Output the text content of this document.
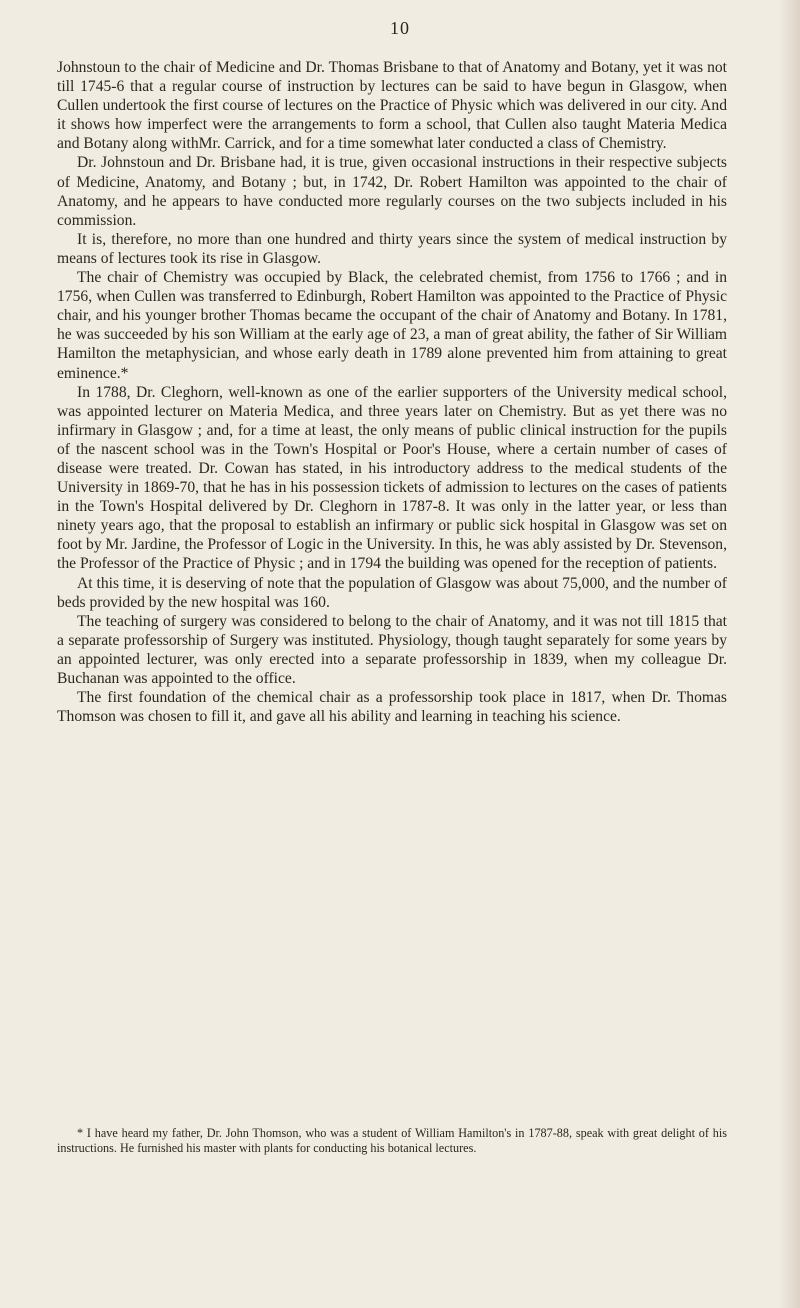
10

Johnstoun to the chair of Medicine and Dr. Thomas Brisbane to that of Anatomy and Botany, yet it was not till 1745-6 that a regular course of instruction by lectures can be said to have begun in Glasgow, when Cullen undertook the first course of lectures on the Practice of Physic which was delivered in our city. And it shows how imperfect were the arrangements to form a school, that Cullen also taught Materia Medica and Botany along withMr. Carrick, and for a time somewhat later conducted a class of Chemistry.

Dr. Johnstoun and Dr. Brisbane had, it is true, given occasional instructions in their respective subjects of Medicine, Anatomy, and Botany ; but, in 1742, Dr. Robert Hamilton was appointed to the chair of Anatomy, and he appears to have conducted more regularly courses on the two subjects included in his commission.

It is, therefore, no more than one hundred and thirty years since the system of medical instruction by means of lectures took its rise in Glasgow.

The chair of Chemistry was occupied by Black, the celebrated chemist, from 1756 to 1766 ; and in 1756, when Cullen was transferred to Edinburgh, Robert Hamilton was appointed to the Practice of Physic chair, and his younger brother Thomas became the occupant of the chair of Anatomy and Botany. In 1781, he was succeeded by his son William at the early age of 23, a man of great ability, the father of Sir William Hamilton the metaphysician, and whose early death in 1789 alone prevented him from attaining to great eminence.*

In 1788, Dr. Cleghorn, well-known as one of the earlier supporters of the University medical school, was appointed lecturer on Materia Medica, and three years later on Chemistry. But as yet there was no infirmary in Glasgow ; and, for a time at least, the only means of public clinical instruction for the pupils of the nascent school was in the Town's Hospital or Poor's House, where a certain number of cases of disease were treated. Dr. Cowan has stated, in his introductory address to the medical students of the University in 1869-70, that he has in his possession tickets of admission to lectures on the cases of patients in the Town's Hospital delivered by Dr. Cleghorn in 1787-8. It was only in the latter year, or less than ninety years ago, that the proposal to establish an infirmary or public sick hospital in Glasgow was set on foot by Mr. Jardine, the Professor of Logic in the University. In this, he was ably assisted by Dr. Stevenson, the Professor of the Practice of Physic ; and in 1794 the building was opened for the reception of patients.

At this time, it is deserving of note that the population of Glasgow was about 75,000, and the number of beds provided by the new hospital was 160.

The teaching of surgery was considered to belong to the chair of Anatomy, and it was not till 1815 that a separate professorship of Surgery was instituted. Physiology, though taught separately for some years by an appointed lecturer, was only erected into a separate professorship in 1839, when my colleague Dr. Buchanan was appointed to the office.

The first foundation of the chemical chair as a professorship took place in 1817, when Dr. Thomas Thomson was chosen to fill it, and gave all his ability and learning in teaching his science.

* I have heard my father, Dr. John Thomson, who was a student of William Hamilton's in 1787-88, speak with great delight of his instructions. He furnished his master with plants for conducting his botanical lectures.
